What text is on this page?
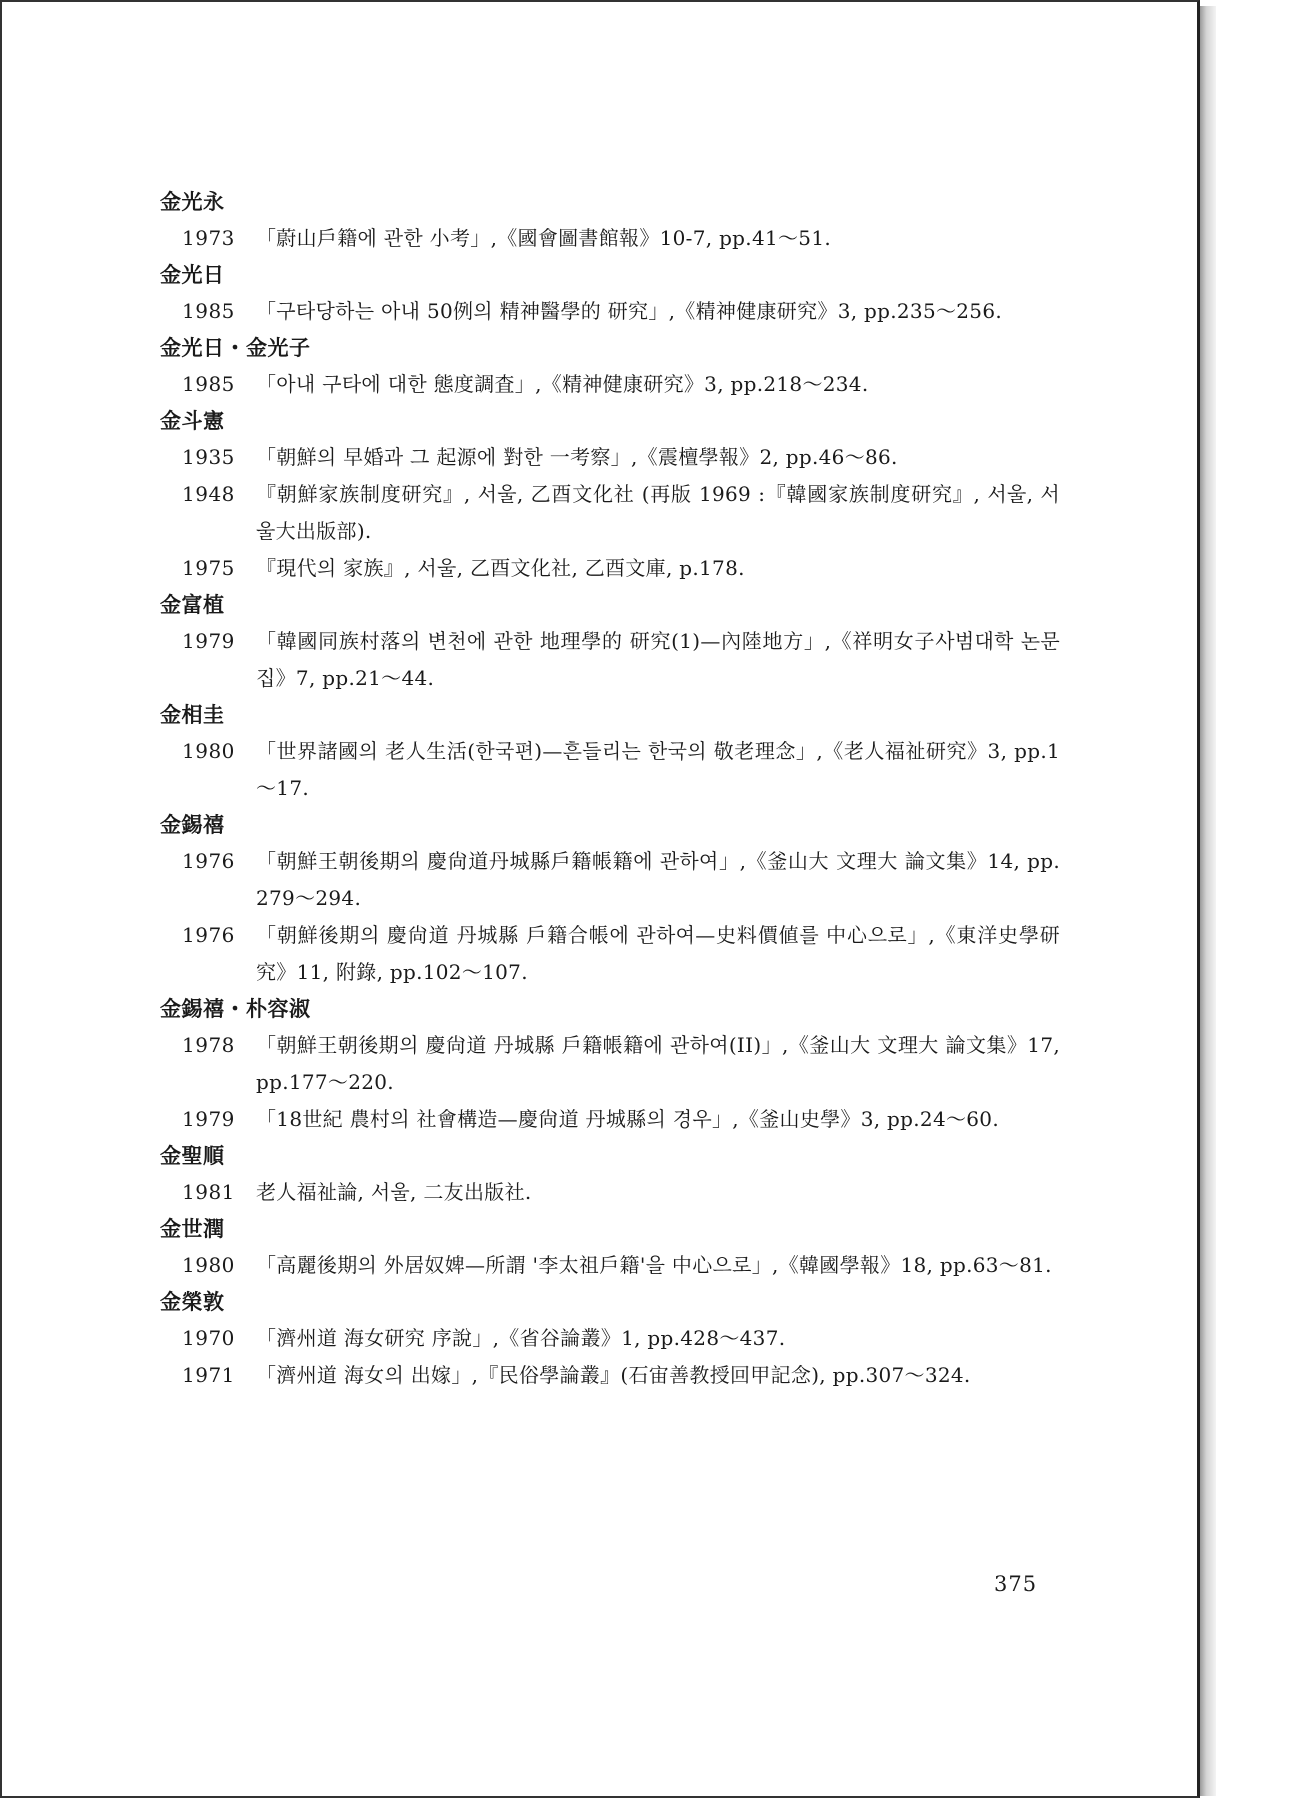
金光永
1973	「蔚山戶籍에 관한 小考」,《國會圖書館報》10-7, pp.41～51.
金光日
1985	「구타당하는 아내 50例의 精神醫學的 研究」,《精神健康研究》3, pp.235～256.
金光日・金光子
1985	「아내 구타에 대한 態度調査」,《精神健康研究》3, pp.218～234.
金斗憲
1935	「朝鮮의 早婚과 그 起源에 對한 一考察」,《震檀學報》2, pp.46～86.
1948	『朝鮮家族制度研究』, 서울, 乙酉文化社 (再版 1969 :『韓國家族制度研究』, 서울, 서울大出版部).
1975	『現代의 家族』, 서울, 乙酉文化社, 乙酉文庫, p.178.
金富植
1979	「韓國同族村落의 변천에 관한 地理學的 研究(1)—內陸地方」,《祥明女子사범대학 논문집》7, pp.21～44.
金相圭
1980	「世界諸國의 老人生活(한국편)—흔들리는 한국의 敬老理念」,《老人福祉研究》3, pp.1～17.
金錫禧
1976	「朝鮮王朝後期의 慶尙道丹城縣戶籍帳籍에 관하여」,《釜山大 文理大 論文集》14, pp.279～294.
1976	「朝鮮後期의 慶尙道 丹城縣 戶籍合帳에 관하여—史料價値를 中心으로」,《東洋史學研究》11, 附錄, pp.102～107.
金錫禧・朴容淑
1978	「朝鮮王朝後期의 慶尙道 丹城縣 戶籍帳籍에 관하여(II)」,《釜山大 文理大 論文集》17, pp.177～220.
1979	「18世紀 農村의 社會構造—慶尙道 丹城縣의 경우」,《釜山史學》3, pp.24～60.
金聖順
1981	老人福祉論, 서울, 二友出版社.
金世潤
1980	「高麗後期의 外居奴婢—所謂 '李太祖戶籍'을 中心으로」,《韓國學報》18, pp.63～81.
金榮敦
1970	「濟州道 海女研究 序說」,《省谷論叢》1, pp.428～437.
1971	「濟州道 海女의 出嫁」,『民俗學論叢』(石宙善教授回甲記念), pp.307～324.
375
